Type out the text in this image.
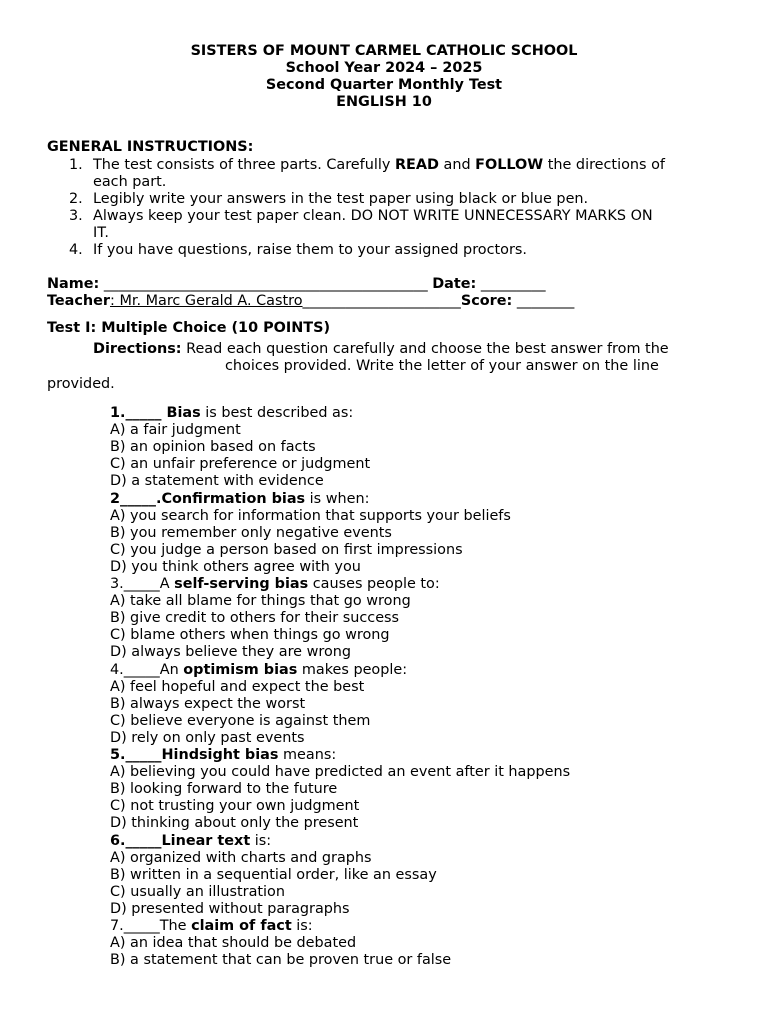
SISTERS OF MOUNT CARMEL CATHOLIC SCHOOL
School Year 2024 – 2025
Second Quarter Monthly Test
ENGLISH 10
GENERAL INSTRUCTIONS:
1. The test consists of three parts. Carefully READ and FOLLOW the directions of
each part.
2. Legibly write your answers in the test paper using black or blue pen.
3. Always keep your test paper clean. DO NOT WRITE UNNECESSARY MARKS ON
IT.
4. If you have questions, raise them to your assigned proctors.
Name: _____________________________________________ Date: _________
Teacher: Mr. Marc Gerald A. Castro______________________Score: ________
Test I: Multiple Choice (10 POINTS)
Directions: Read each question carefully and choose the best answer from the
choices provided. Write the letter of your answer on the line
provided.
1._____ Bias is best described as:
A) a fair judgment
B) an opinion based on facts
C) an unfair preference or judgment
D) a statement with evidence
2_____.Confirmation bias is when:
A) you search for information that supports your beliefs
B) you remember only negative events
C) you judge a person based on first impressions
D) you think others agree with you
3._____A self-serving bias causes people to:
A) take all blame for things that go wrong
B) give credit to others for their success
C) blame others when things go wrong
D) always believe they are wrong
4._____An optimism bias makes people:
A) feel hopeful and expect the best
B) always expect the worst
C) believe everyone is against them
D) rely on only past events
5._____Hindsight bias means:
A) believing you could have predicted an event after it happens
B) looking forward to the future
C) not trusting your own judgment
D) thinking about only the present
6._____Linear text is:
A) organized with charts and graphs
B) written in a sequential order, like an essay
C) usually an illustration
D) presented without paragraphs
7._____The claim of fact is:
A) an idea that should be debated
B) a statement that can be proven true or false
